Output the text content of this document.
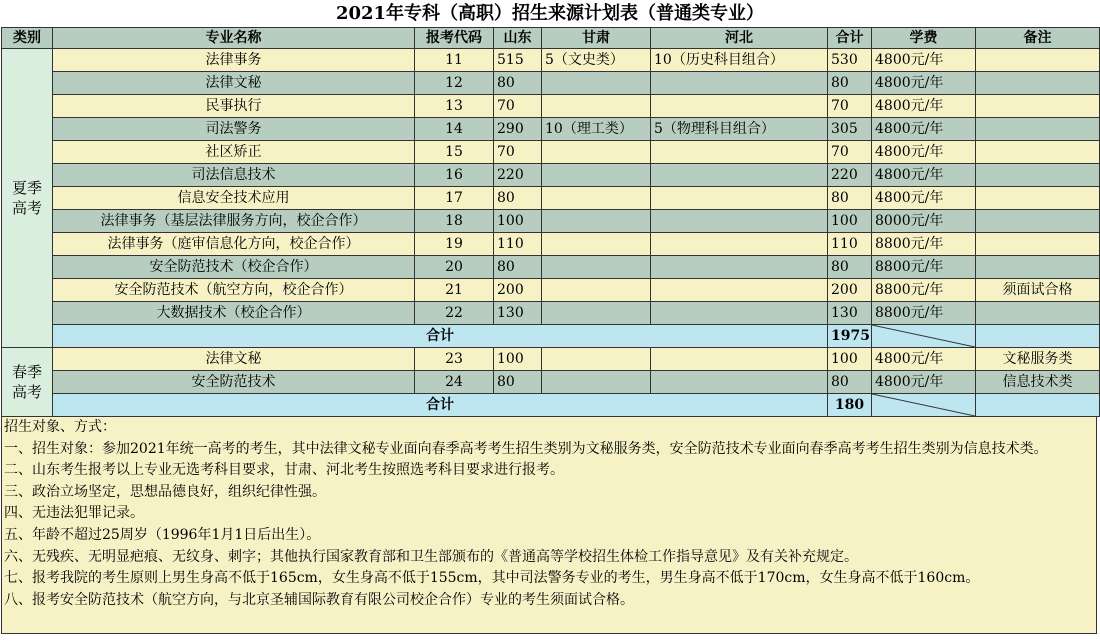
2021年专科（高职）招生来源计划表（普通类专业）
类别	专业名称	报考代码	山东	甘肃	河北	合计	学费	备注
夏季高考	法律事务	11	515	5（文史类）	10（历史科目组合）	530	4800元/年	
	法律文秘	12	80			80	4800元/年	
	民事执行	13	70			70	4800元/年	
	司法警务	14	290	10（理工类）	5（物理科目组合）	305	4800元/年	
	社区矫正	15	70			70	4800元/年	
	司法信息技术	16	220			220	4800元/年	
	信息安全技术应用	17	80			80	4800元/年	
	法律事务（基层法律服务方向，校企合作）	18	100			100	8000元/年	
	法律事务（庭审信息化方向，校企合作）	19	110			110	8800元/年	
	安全防范技术（校企合作）	20	80			80	8800元/年	
	安全防范技术（航空方向，校企合作）	21	200			200	8800元/年	须面试合格
	大数据技术（校企合作）	22	130			130	8800元/年	
	合计					1975	

春季高考	法律文秘	23	100			100	4800元/年	文秘服务类
	安全防范技术	24	80			80	4800元/年	信息技术类
	合计					180	

招生对象、方式：

一、招生对象：参加2021年统一高考的考生，其中法律文秘专业面向春季高考考生招生类别为文秘服务类，安全防范技术专业面向春季高考考生招生类别为信息技术类。

二、山东考生报考以上专业无选考科目要求，甘肃、河北考生按照选考科目要求进行报考。

三、政治立场坚定，思想品德良好，组织纪律性强。

四、无违法犯罪记录。

五、年龄不超过25周岁（1996年1月1日后出生）。

六、无残疾、无明显疤痕、无纹身、刺字；其他执行国家教育部和卫生部颁布的《普通高等学校招生体检工作指导意见》及有关补充规定。

七、报考我院的考生原则上男生身高不低于165cm，女生身高不低于155cm，其中司法警务专业的考生，男生身高不低于170cm，女生身高不低于160cm。

八、报考安全防范技术（航空方向，与北京圣辅国际教育有限公司校企合作）专业的考生须面试合格。
